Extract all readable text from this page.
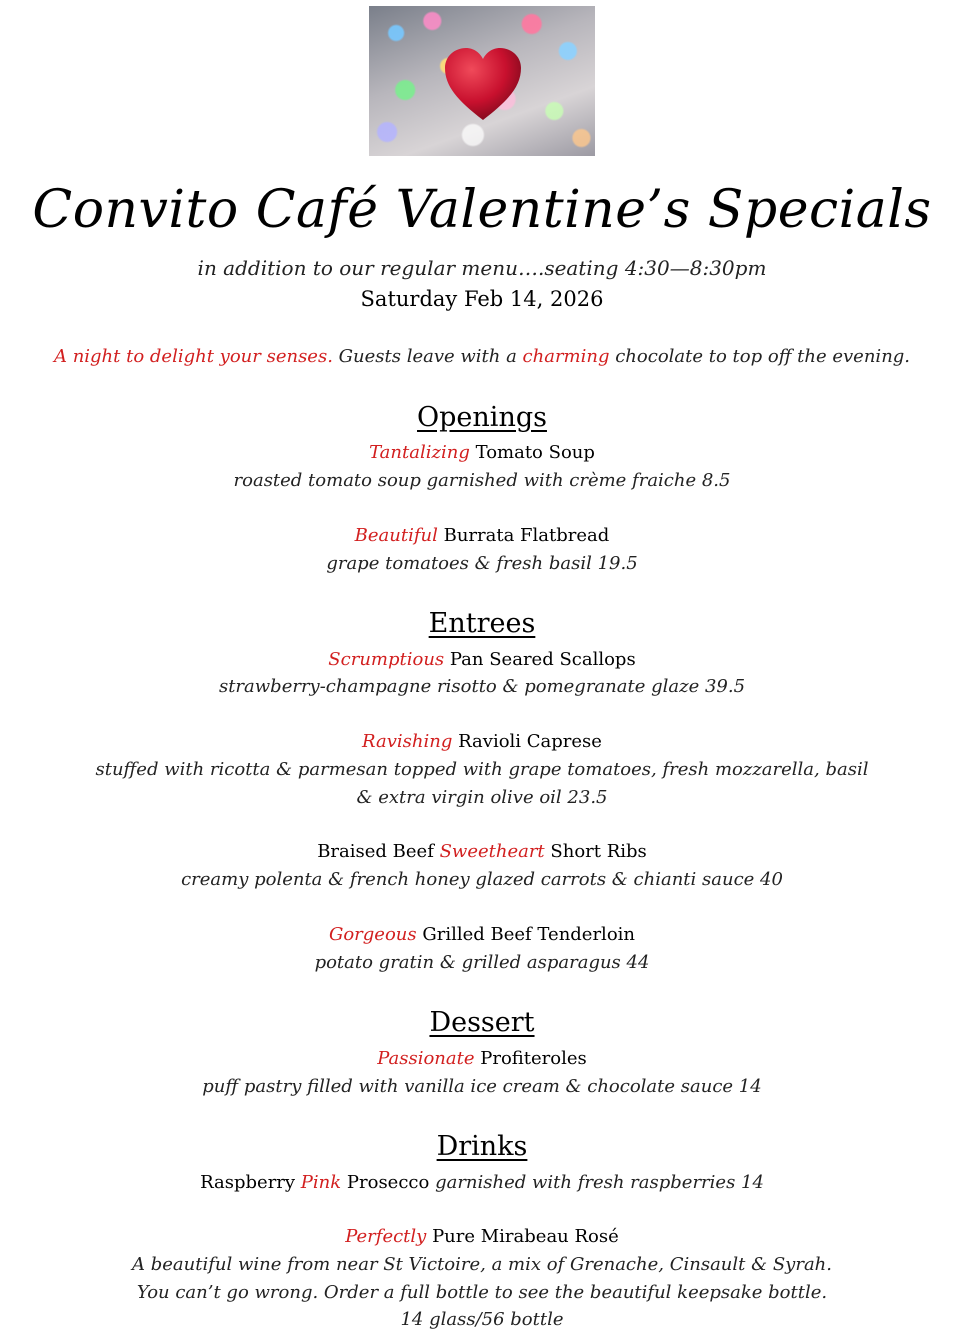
Convito Café Valentine’s Specials
in addition to our regular menu….seating 4:30—8:30pm
Saturday Feb 14, 2026
A night to delight your senses. Guests leave with a charming chocolate to top off the evening.
Openings
Tantalizing Tomato Soup
roasted tomato soup garnished with crème fraiche 8.5
Beautiful Burrata Flatbread
grape tomatoes & fresh basil 19.5
Entrees
Scrumptious Pan Seared Scallops
strawberry-champagne risotto & pomegranate glaze 39.5
Ravishing Ravioli Caprese
stuffed with ricotta & parmesan topped with grape tomatoes, fresh mozzarella, basil
& extra virgin olive oil 23.5
Braised Beef Sweetheart Short Ribs
creamy polenta & french honey glazed carrots & chianti sauce 40
Gorgeous Grilled Beef Tenderloin
potato gratin & grilled asparagus 44
Dessert
Passionate Profiteroles
puff pastry filled with vanilla ice cream & chocolate sauce 14
Drinks
Raspberry Pink Prosecco garnished with fresh raspberries 14
Perfectly Pure Mirabeau Rosé
A beautiful wine from near St Victoire, a mix of Grenache, Cinsault & Syrah.
You can’t go wrong. Order a full bottle to see the beautiful keepsake bottle.
14 glass/56 bottle
